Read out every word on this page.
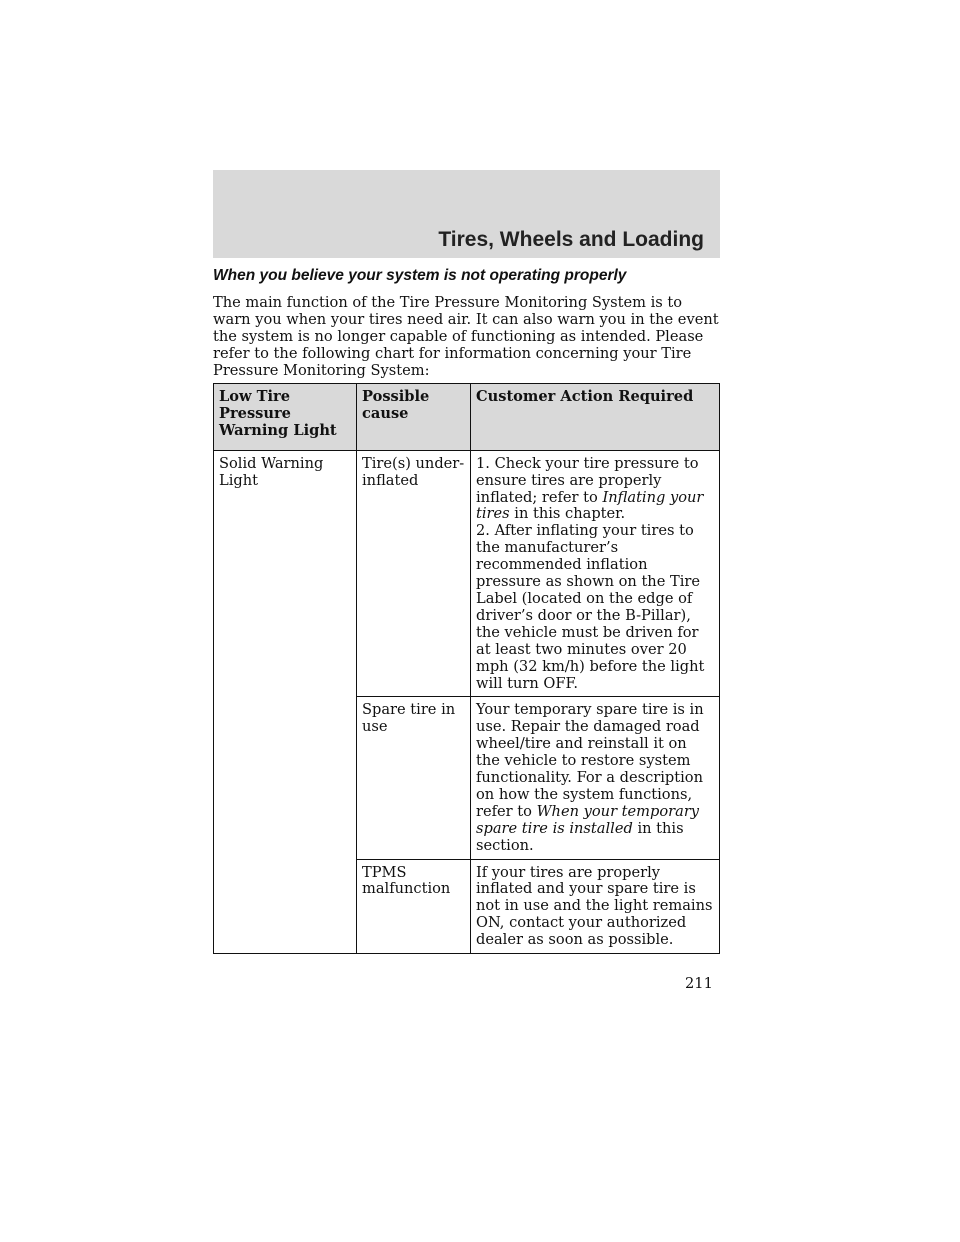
Tires, Wheels and Loading
When you believe your system is not operating properly

The main function of the Tire Pressure Monitoring System is to warn you when your tires need air. It can also warn you in the event the system is no longer capable of functioning as intended. Please refer to the following chart for information concerning your Tire Pressure Monitoring System:

Low Tire Pressure Warning Light	Possible cause	Customer Action Required
Solid Warning Light	Tire(s) under-inflated	1. Check your tire pressure to ensure tires are properly inflated; refer to Inflating your tires in this chapter.
2. After inflating your tires to the manufacturer’s recommended inflation pressure as shown on the Tire Label (located on the edge of driver’s door or the B-Pillar), the vehicle must be driven for at least two minutes over 20 mph (32 km/h) before the light will turn OFF.
	Spare tire in use	Your temporary spare tire is in use. Repair the damaged road wheel/tire and reinstall it on the vehicle to restore system functionality. For a description on how the system functions, refer to When your temporary spare tire is installed in this section.
	TPMS malfunction	If your tires are properly inflated and your spare tire is not in use and the light remains ON, contact your authorized dealer as soon as possible.
211
